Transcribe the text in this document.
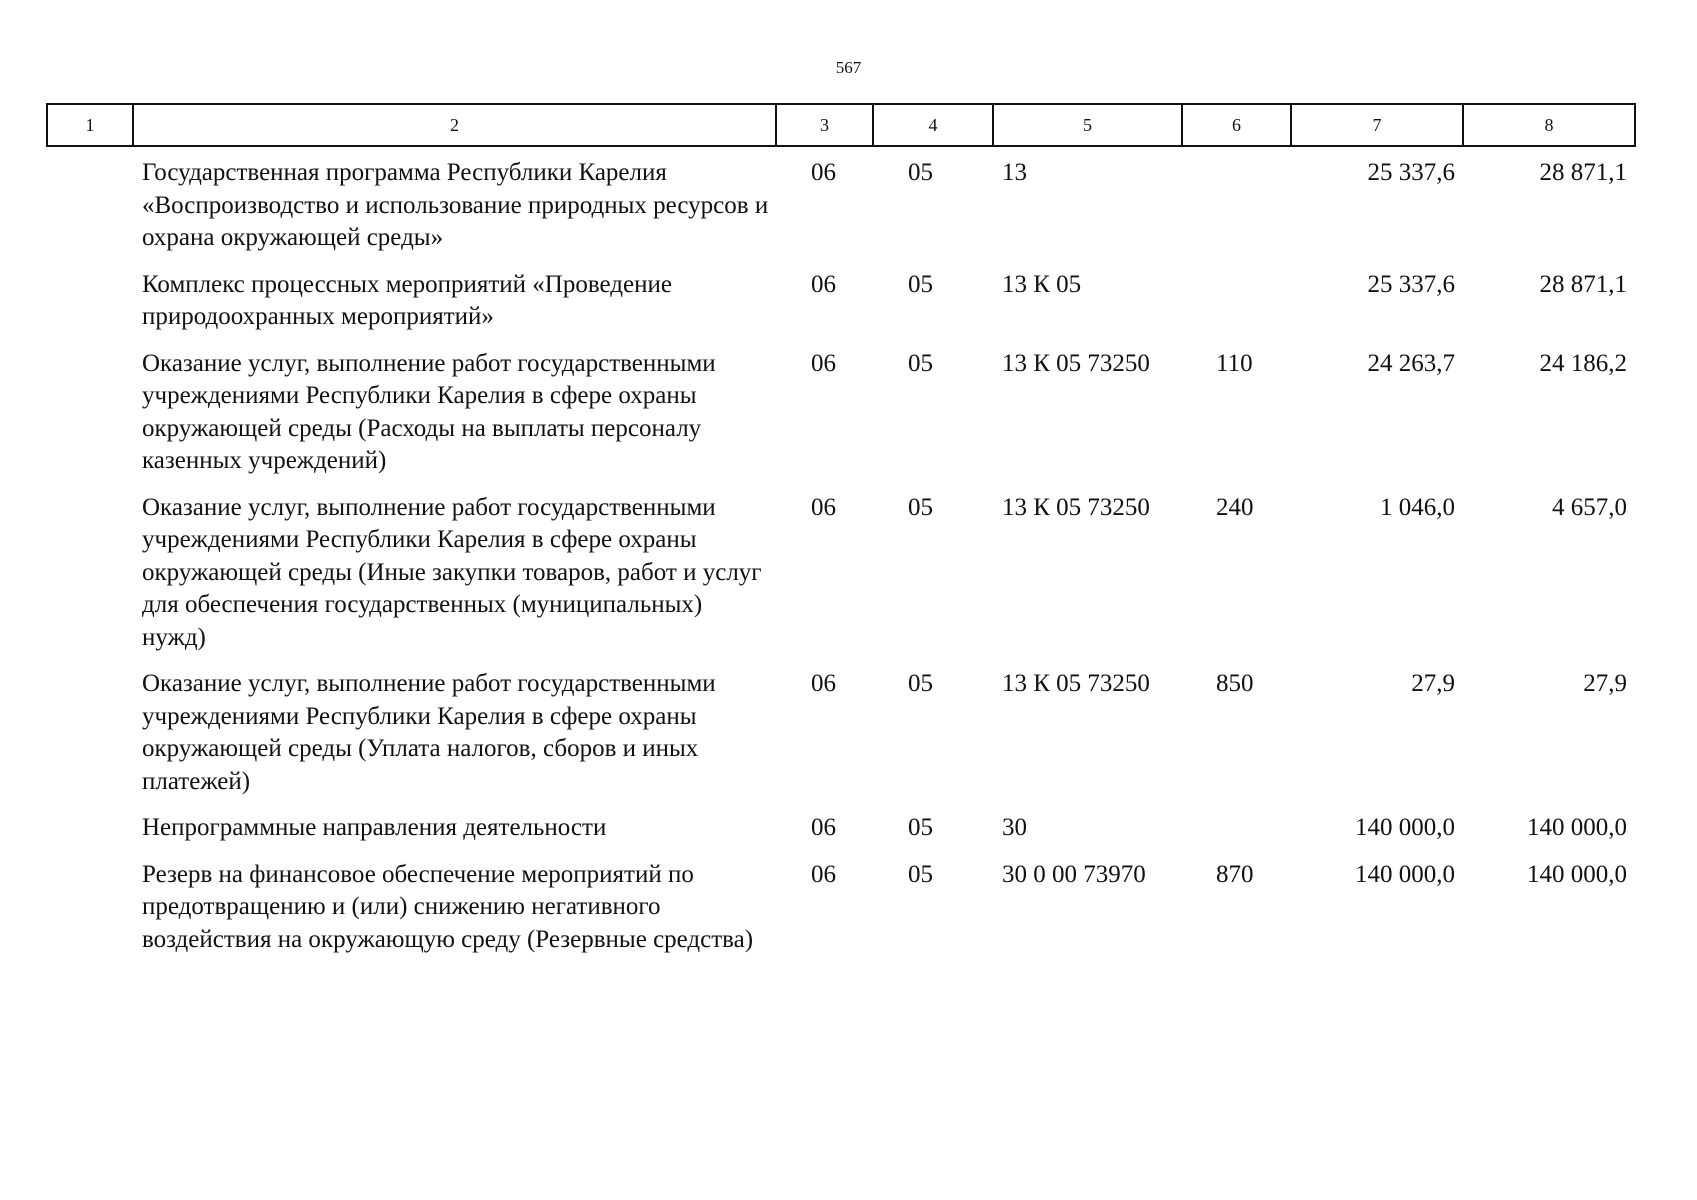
567
1	2	3	4	5	6	7	8
	Государственная программа Республики Карелия «Воспроизводство и использование природных ресурсов и охрана окружающей среды»	06	05	13		25 337,6	28 871,1
	Комплекс процессных мероприятий «Проведение природоохранных мероприятий»	06	05	13 К 05		25 337,6	28 871,1
	Оказание услуг, выполнение работ государственными учреждениями Республики Карелия в сфере охраны окружающей среды (Расходы на выплаты персоналу казенных учреждений)	06	05	13 К 05 73250	110	24 263,7	24 186,2
	Оказание услуг, выполнение работ государственными учреждениями Республики Карелия в сфере охраны окружающей среды (Иные закупки товаров, работ и услуг для обеспечения государственных (муниципальных) нужд)	06	05	13 К 05 73250	240	1 046,0	4 657,0
	Оказание услуг, выполнение работ государственными учреждениями Республики Карелия в сфере охраны окружающей среды (Уплата налогов, сборов и иных платежей)	06	05	13 К 05 73250	850	27,9	27,9
	Непрограммные направления деятельности	06	05	30		140 000,0	140 000,0
	Резерв на финансовое обеспечение мероприятий по предотвращению и (или) снижению негативного воздействия на окружающую среду (Резервные средства)	06	05	30 0 00 73970	870	140 000,0	140 000,0
